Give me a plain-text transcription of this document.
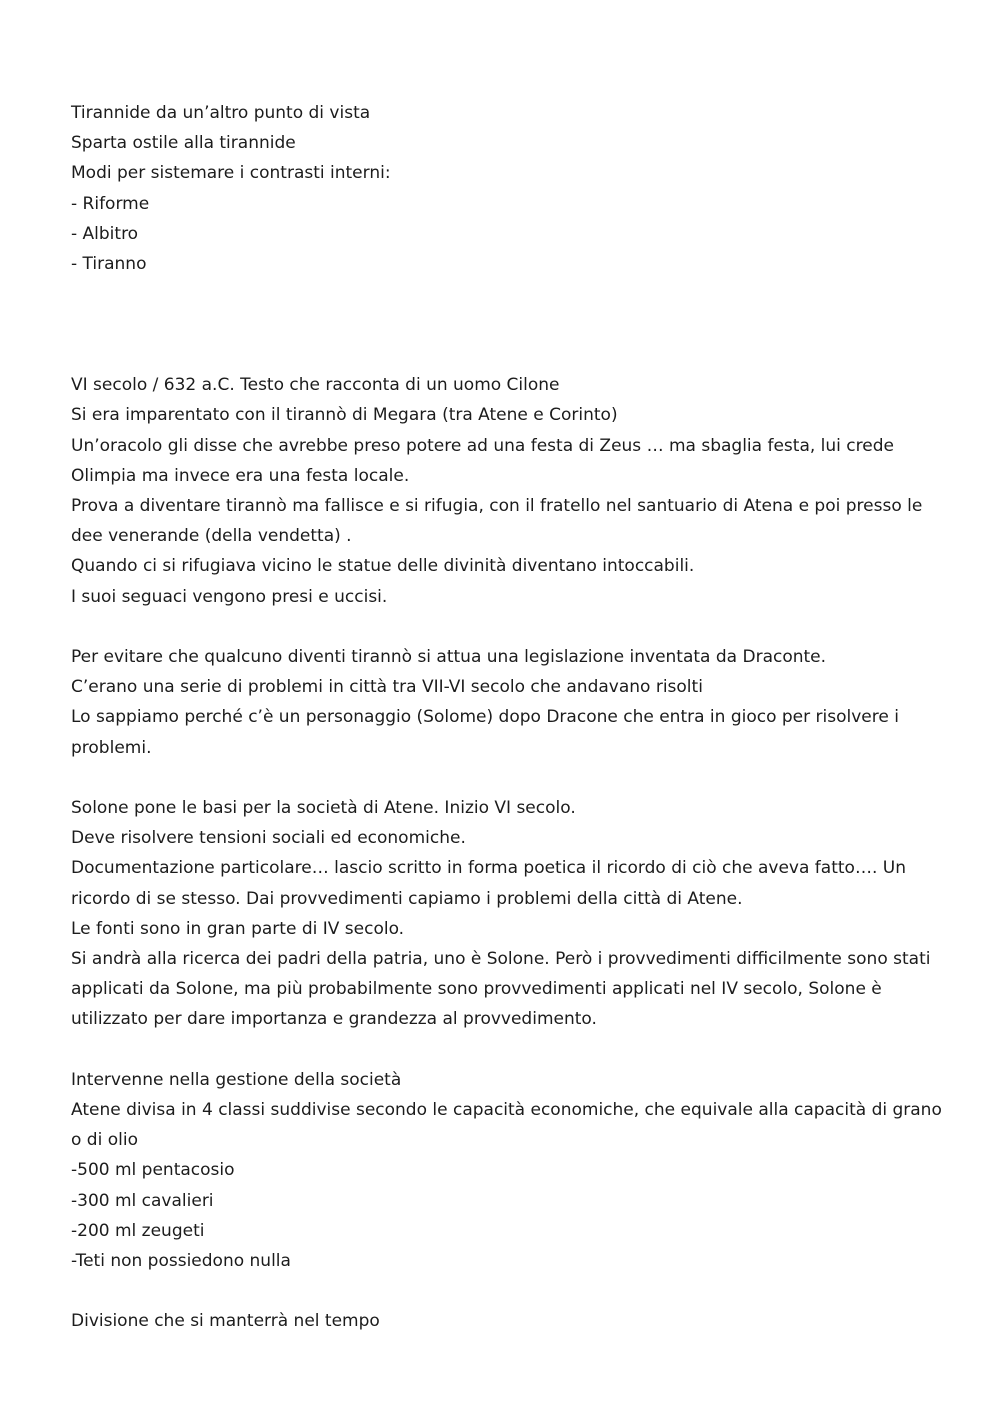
Tirannide da un’altro punto di vista
Sparta ostile alla tirannide
Modi per sistemare i contrasti interni:
- Riforme
- Albitro
- Tiranno
VI secolo / 632 a.C. Testo che racconta di un uomo Cilone
Si era imparentato con il tirannò di Megara (tra Atene e Corinto)
Un’oracolo gli disse che avrebbe preso potere ad una festa di Zeus … ma sbaglia festa, lui crede
Olimpia ma invece era una festa locale.
Prova a diventare tirannò ma fallisce e si rifugia, con il fratello nel santuario di Atena e poi presso le
dee venerande (della vendetta) .
Quando ci si rifugiava vicino le statue delle divinità diventano intoccabili.
I suoi seguaci vengono presi e uccisi.
Per evitare che qualcuno diventi tirannò si attua una legislazione inventata da Draconte.
C’erano una serie di problemi in città tra VII-VI secolo che andavano risolti
Lo sappiamo perché c’è un personaggio (Solome) dopo Dracone che entra in gioco per risolvere i
problemi.
Solone pone le basi per la società di Atene. Inizio VI secolo.
Deve risolvere tensioni sociali ed economiche.
Documentazione particolare… lascio scritto in forma poetica il ricordo di ciò che aveva fatto…. Un
ricordo di se stesso. Dai provvedimenti capiamo i problemi della città di Atene.
Le fonti sono in gran parte di IV secolo.
Si andrà alla ricerca dei padri della patria, uno è Solone. Però i provvedimenti difficilmente sono stati
applicati da Solone, ma più probabilmente sono provvedimenti applicati nel IV secolo, Solone è
utilizzato per dare importanza e grandezza al provvedimento.
Intervenne nella gestione della società
Atene divisa in 4 classi suddivise secondo le capacità economiche, che equivale alla capacità di grano
o di olio
-500 ml pentacosio
-300 ml cavalieri
-200 ml zeugeti
-Teti non possiedono nulla
Divisione che si manterrà nel tempo
